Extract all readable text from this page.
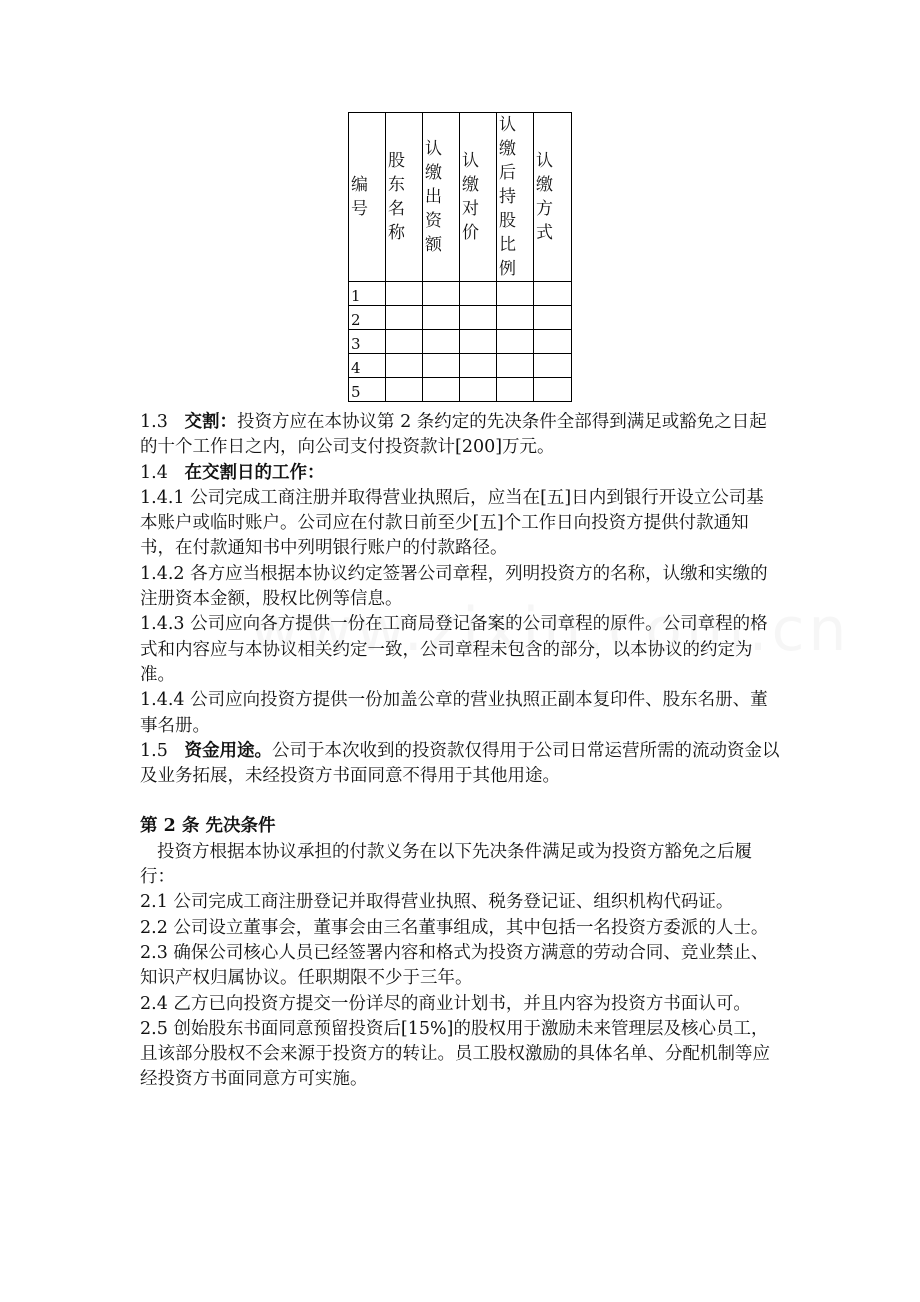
编号	股东名称	认缴出资额	认缴对价	认缴后持股比例	认缴方式

1					
2					
3					
4					
5					

1.3 交割：投资方应在本协议第 2 条约定的先决条件全部得到满足或豁免之日起的十个工作日之内，向公司支付投资款计[200]万元。

1.4 在交割日的工作：

1.4.1 公司完成工商注册并取得营业执照后，应当在[五]日内到银行开设立公司基本账户或临时账户。公司应在付款日前至少[五]个工作日向投资方提供付款通知书，在付款通知书中列明银行账户的付款路径。

1.4.2 各方应当根据本协议约定签署公司章程，列明投资方的名称，认缴和实缴的注册资本金额，股权比例等信息。

1.4.3 公司应向各方提供一份在工商局登记备案的公司章程的原件。公司章程的格式和内容应与本协议相关约定一致，公司章程未包含的部分，以本协议的约定为准。

1.4.4 公司应向投资方提供一份加盖公章的营业执照正副本复印件、股东名册、董事名册。

1.5 资金用途。公司于本次收到的投资款仅得用于公司日常运营所需的流动资金以及业务拓展，未经投资方书面同意不得用于其他用途。

第 2 条 先决条件

投资方根据本协议承担的付款义务在以下先决条件满足或为投资方豁免之后履行：

2.1 公司完成工商注册登记并取得营业执照、税务登记证、组织机构代码证。

2.2 公司设立董事会，董事会由三名董事组成，其中包括一名投资方委派的人士。

2.3 确保公司核心人员已经签署内容和格式为投资方满意的劳动合同、竞业禁止、知识产权归属协议。任职期限不少于三年。

2.4 乙方已向投资方提交一份详尽的商业计划书，并且内容为投资方书面认可。

2.5 创始股东书面同意预留投资后[15%]的股权用于激励未来管理层及核心员工，且该部分股权不会来源于投资方的转让。员工股权激励的具体名单、分配机制等应经投资方书面同意方可实施。
